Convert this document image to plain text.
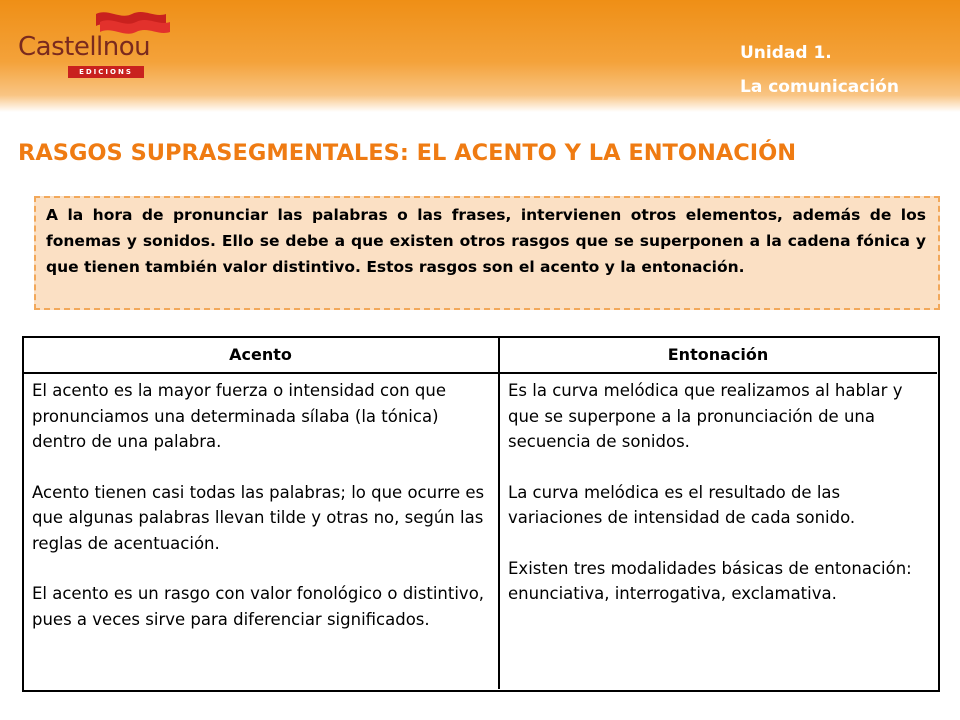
Castellnou
EDICIONS
Unidad 1.
La comunicación
RASGOS SUPRASEGMENTALES: EL ACENTO Y LA ENTONACIÓN
A la hora de pronunciar las palabras o las frases, intervienen otros elementos, además de los fonemas y sonidos. Ello se debe a que existen otros rasgos que se superponen a la cadena fónica y que tienen también valor distintivo. Estos rasgos son el acento y la entonación.
Acento	Entonación

El acento es la mayor fuerza o intensidad con que pronunciamos una determinada sílaba (la tónica) dentro de una palabra.

Acento tienen casi todas las palabras; lo que ocurre es que algunas palabras llevan tilde y otras no, según las reglas de acentuación.

El acento es un rasgo con valor fonológico o distintivo, pues a veces sirve para diferenciar significados.

Es la curva melódica que realizamos al hablar y que se superpone a la pronunciación de una secuencia de sonidos.

La curva melódica es el resultado de las variaciones de intensidad de cada sonido.

Existen tres modalidades básicas de entonación: enunciativa, interrogativa, exclamativa.
